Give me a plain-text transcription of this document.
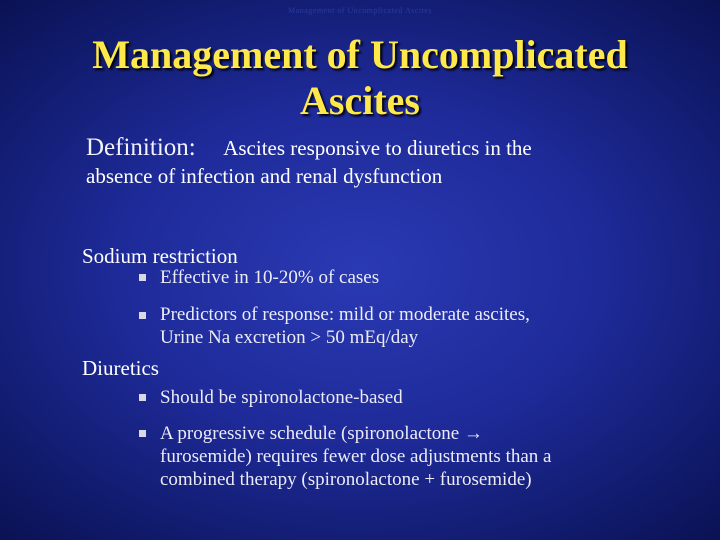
Management of Uncomplicated Ascites
Management of Uncomplicated
Ascites
Definition: Ascites responsive to diuretics in the
absence of infection and renal dysfunction
Sodium restriction
Effective in 10-20% of cases
Predictors of response: mild or moderate ascites,
Urine Na excretion > 50 mEq/day
Diuretics
Should be spironolactone-based
A progressive schedule (spironolactone →
furosemide) requires fewer dose adjustments than a
combined therapy (spironolactone + furosemide)
